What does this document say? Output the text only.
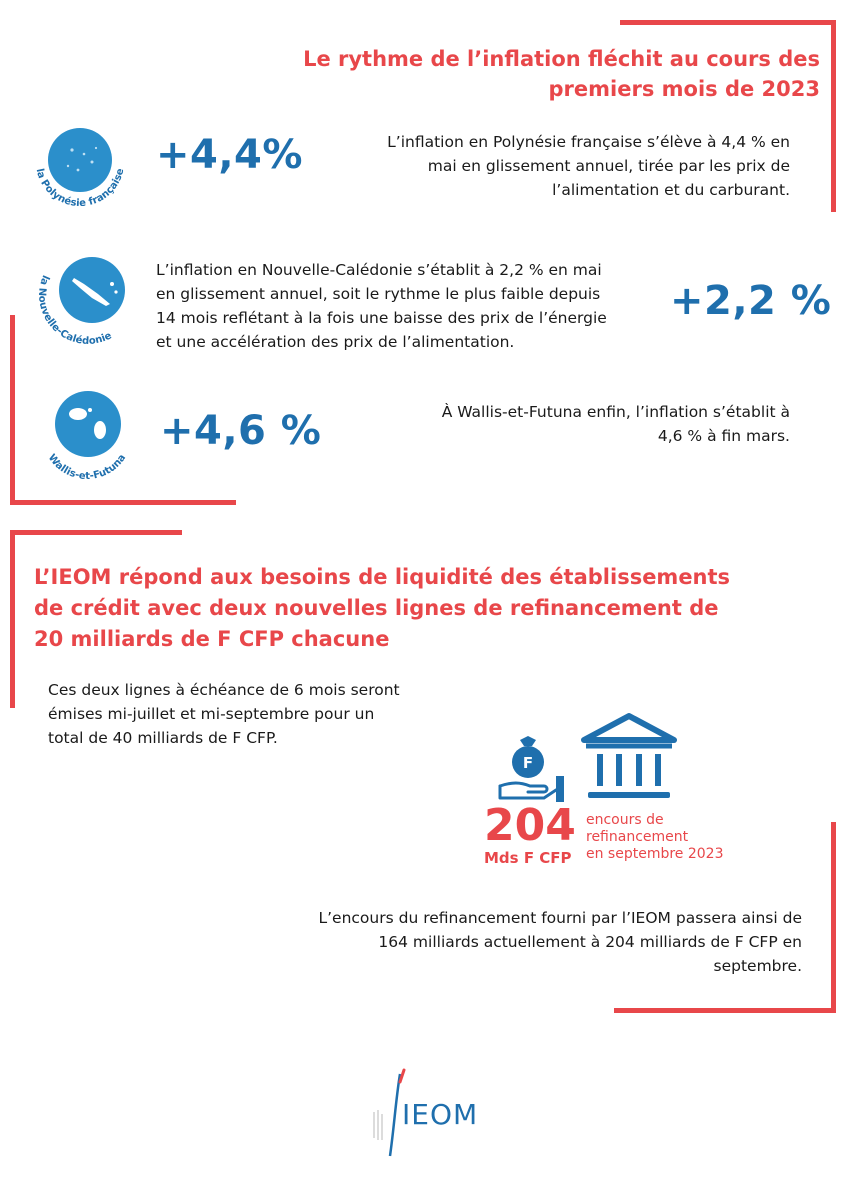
Le rythme de l’inflation fléchit au cours des
premiers mois de 2023
la Polynésie française +4,4%	L’inflation en Polynésie française s’élève à 4,4 % en
mai en glissement annuel, tirée par les prix de
l’alimentation et du carburant.
la Nouvelle-Calédonie
L’inflation en Nouvelle-Calédonie s’établit à 2,2 % en mai
en glissement annuel, soit le rythme le plus faible depuis
14 mois reflétant à la fois une baisse des prix de l’énergie
et une accélération des prix de l’alimentation.
+2,2 %
Wallis-et-Futuna
+4,6 %	À Wallis-et-Futuna enfin, l’inflation s’établit à
4,6 % à fin mars.
L’IEOM répond aux besoins de liquidité des établissements
de crédit avec deux nouvelles lignes de refinancement de
20 milliards de F CFP chacune
Ces deux lignes à échéance de 6 mois seront
émises mi-juillet et mi-septembre pour un
total de 40 milliards de F CFP.
F
204
Mds F CFP
encours de
refinancement
en septembre 2023
L’encours du refinancement fourni par l’IEOM passera ainsi de
164 milliards actuellement à 204 milliards de F CFP en
septembre.
IEOM
